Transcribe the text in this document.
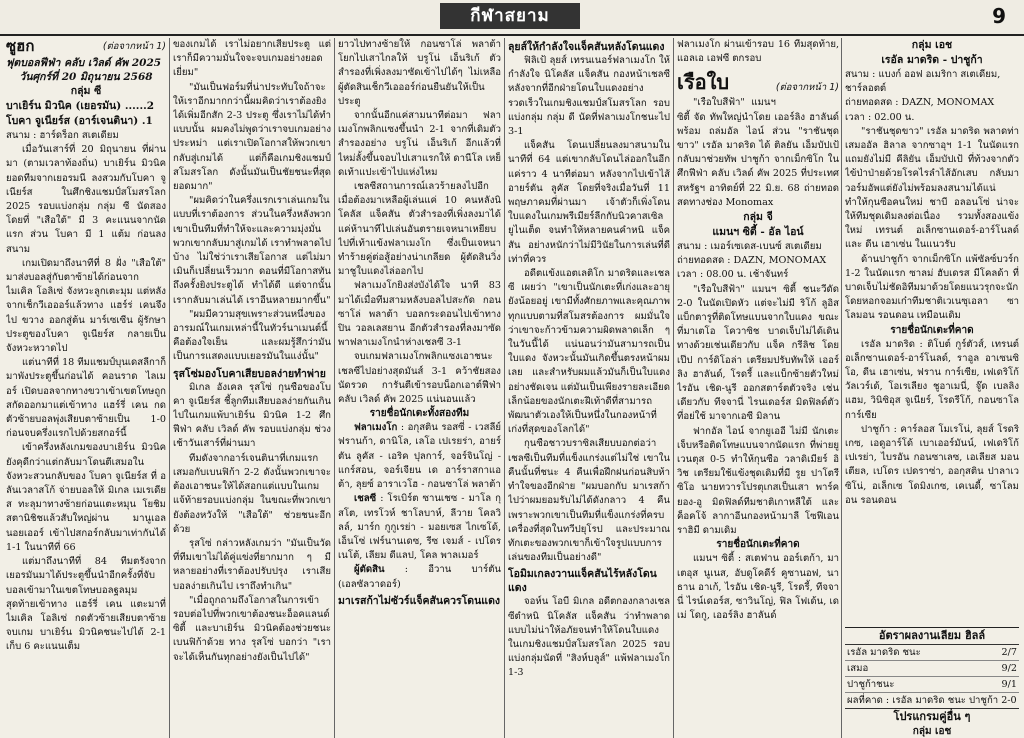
กีฬาสยาม	9
ซูฮก	(ต่อจากหน้า 1)
ฟุตบอลฟีฟ่า คลับ เวิลด์ คัพ 2025
วันศุกร์ที่ 20 มิถุนายน 2568
กลุ่ม ซี
บาเยิร์น มิวนิค (เยอรมัน) ......2
โบคา จูเนียร์ส (อาร์เจนตินา) .1
สนาม : ฮาร์ดร็อก สเตเดียม

เมื่อวันเสาร์ที่ 20 มิถุนายน ที่ผ่านมา (ตามเวลาท้องถิ่น) บาเยิร์น มิวนิค ยอดทีมจากเยอรมนี ลงสวมกับโบคา จูเนียร์ส ในศึกชิงแชมป์สโมสรโลก 2025 รอบแบ่งกลุ่ม กลุ่ม ซี นัดสอง โดยที่ "เสือใต้" มี 3 คะแนนจากนัดแรก ส่วน โบคา มี 1 แต้ม ก่อนลงสนาม

เกมเปิดมาถึงนาทีที่ 8 ฝั่ง "เสือใต้" มาส่งบอลสู่กับตาซ้ายได้ก่อนจาก ไมเคิล โอลิเซ่ จังหวะลูกเตะมุม แต่หลังจากเช็กวีเอออร์แล้วทาง แฮร์ร่ เคนจึงไป ขวาง ออกสู่ต้น มาร์เซเซีน ผู้รักษาประตูของโบคา จูเนียร์ส กลายเป็นจังหวะหวาดไป

แต่นาทีที่ 18 ทีมแชมป์บุนเดสลีกาก็มาพังประตูขึ้นก่อนได้ คอนราด ไลเมอร์ เปิดบอลจากทางขวาเข้าเขตโทษถูกสกัดออกมาแต่เข้าทาง แฮร์รี่ เคน กดตัวซ้ายบอลพุ่งเสียบตาซ้ายเป็น 1-0 ก่อนจบครึ่งแรกไปด้วยสกอร์นี้

เข้าครึ่งหลังเกมของบาเยิร์น มิวนิคยังคุดีกว่าแต่กลับมาโดนตีเสมอในจังหวะสวนกลับของ โบคา จูเนียร์ส ที่ อลันเวลาสโก้ จ่ายบอลให้ มิเกล เมเรเดียส ทะลุมาทางซ้ายก่อนแตะหมุน โยชิม สตานิชิชแล้วสับใหญ่ผ่าน มานูเอล นอยเออร์ เข้าไปสกอร์กลับมาเท่ากันได้ 1-1 ในนาทีที่ 66

แต่มาถึงนาทีที่ 84 ทีมตรังจากเยอรมันมาได้ประตูขึ้นนำอีกครั้งที่จับบอลเข้ามาในเขตโทษบอลฐลมุมสุดท้ายเข้าทาง แฮร์รี่ เคน แตะมาที่ ไมเคิล โอลิเซ่ กดตัวซ้ายเสียบตาซ้าย จบเกม บาเยิร์น มิวนิคชนะไปได้ 2-1 เก็บ 6 คะแนนเต็ม

ของเกมได้ เราไม่อยากเสียประตู แต่เราก็มีความมั่นใจจะจบเกมอย่างยอดเยี่ยม"

"มันเป็นฟอร์มที่น่าประทับใจถ้าจะให้เราอีกมากกว่านี้ผมคิดว่าเราต้องยิงได้เพิ่มอีกสัก 2-3 ประตู ซึ่งเราไม่ได้ทำแบบนั้น ผมคงไม่พูดว่าเราจบเกมอย่างประหม่า แต่เราเปิดโอกาสให้พวกเขากลับสู่เกมได้ แต่ก็คือเกมชิงแชมป์สโมสรโลก ดังนั้นมันเป็นชัยชนะที่สุดยอดมาก"

"ผมคิดว่าในครึ่งแรกเราเล่นเกมในแบบที่เราต้องการ ส่วนในครึ่งหลังพวกเขาเป็นทีมที่ทำให้จะและความมุ่งมั่นพวกเขากลับมาสู่เกมได้ เราทำพลาดไปบ้าง ไม่ใช่ว่าเราเสียโอกาส แต่ไม่มาเมินก็เปลี่ยนเร็วมาก ดอนที่มีโอกาสทันถึงครั้งยิงประตูได้ ทำได้ดี แต่จากนั้นเรากลับมาเล่นได้ เราอีนหลายมากขึ้น"

"ผมมีความสุขเพราะส่วนหนึ่งของอารมณ์ในเกมเหล่านี้ในทัวร์นาเมนต์นี้คือต้องใจเย็น และผมรู้สึกว่ามันเป็นการแสดงแบบเยอรมันในแง่นั้น"

รุสโซ่มองโบคาเสียบอลง่ายทำพ่าย

มิเกล อังเคล รุสโซ่ กุนซือของโบคา จูเนียร์ส ชี้ลูกทีมเสียบอลง่ายกันเกินไปในเกมแพ้บาเยิร์น มิวนิค 1-2 ศึกฟีฟ่า คลับ เวิลด์ คัพ รอบแบ่งกลุ่ม ช่วงเช้าวันเสาร์ที่ผ่านมา

ทีมดังจากอาร์เจนตินาที่เกมแรกเสมอกับเบนฟิก้า 2-2 ดังนั้นพวกเขาจะต้องเอาชนะให้ได้สอกแต่แบบในเกมแจ้ท้ายรอบแบ่งกลุ่ม ในขณะที่พวกเขายังต้องหวังให้ "เสือใต้" ช่วยชนะอีกด้วย

รุสโซ่ กล่าวหลังเกมว่า "มันเป็นวัดที่ทีมเขาไม่ได้คู่แข่งที่ยากมาก ๆ มีหลายอย่างที่เราต้องปรับปรุง เราเสียบอลง่ายเกินไป เราถึงทำเกิน"

"เมื่อถูกถามถึงโอกาสในการเข้ารอบต่อไปที่พวกเขาต้องชนะอ็อคแลนด์ ซิตี้ และบาเยิร์น มิวนิคต้องช่วยชนะเบนฟิก้าด้วย ทาง รุสโซ่ บอกว่า "เราจะได้เห็นกันทุกอย่างยังเป็นไปได้"

ยาวไปทางซ้ายให้ กอนซาโล่ พลาต้า โยกไปเสาไกลให้ บรูโน่ เอ็นริเก้ ตัวสำรองที่เพิ่งลงมาซัดเข้าไปได้ๆ ไม่เหลือ ผู้ตัดสินเช็กวีเอออร์ก่อนยืนยันให้เป็นประตู

จากนั้นอีกแค่สามนาทีต่อมา ฟลาเมงโกพลิกแซงขึ้นนำ 2-1 จากที่เดิมตัวสำรองอย่าง บรูโน่ เอ็นริเก้ อีกแล้วที่ไหม่ลั้งขึ้นจอบไปเสาแรกให้ ดานีโล เหย็ดเท้าแปะเข้าไปแห่งไหม

เชลซีสถานการณ์เลวร้ายลงไปอีกเมื่อต้องมาเหลือผู้เล่นแค่ 10 คนหลังนิโคลัส แจ็คสัน ตัวสำรองที่เพิ่งลงมาได้แค่ห้านาทีไปเล่นอันตรายเจหนาเหยียบไปที่เท้าแข้งฟลาเมงโก ซึ่งเป็นเจหนาทำร้ายคู่ต่อสู้อย่างน่าเกลียด ผู้ตัดสินวิ่งมาชูใบแดงไล่ออกไป

ฟลาเมงโกยิงส่งบังได้ใจ นาที 83 มาได้เมื่อทีมสามหลังบอลไปสะกัด กอนซาโล่ พลาต้า บอลกระดอนไปเข้าทางปิน วอลเลสยาน อีกตัวสำรองที่ลงมาซัดพาฟลาเมงโกนำห่างเชลซี 3-1

จบเกมฟลาเมงโกพลิกแซงเอาชนะเชลซีไปอย่างสุดมันส์ 3-1 คว้าชัยสองนัดรวด การันตีเข้ารอบน็อกเอาต์ฟีฟ่า คลับ เวิลด์ คัพ 2025 แน่นอนแล้ว

รายชื่อนักเตะทั้งสองทีม

ฟลาเมงโก : อกุสติน รอสซี่ - เวสลีย์ ฟรานก้า, ดานิโล, เลโอ เปเรยร่า, อายร์ตัน ลูคัส - เอริค ปุลการ์, จอร์จินโญ่ - แกร์สอน, จอร์เจียน เด อาร์ราสกาแอต้า, ลุยซ์ อาราเวโฮ - กอนซาโล่ พลาต้า

เชลซี : โรเบิร์ต ซานเชซ - มาโล กุสโต, เทรโวห์ ชาโลบาห์, ลีวาย โคลวิลล์, มาร์ก กูกูเรย่า - มอยเซส ไกเซโด้, เอ็นโซ่ เฟร์นานเดซ, รีซ เจมส์ - เปโดร เนโต้, เลียม ดีแลป, โคล พาลเมอร์

ผู้ตัดสิน : อีวาน บาร์ตัน (เอลซัลวาดอร์)

มาเรสก้าไม่ซัวร์แจ็คสันควรโดนแดง
ลุยส์ให้กำลังใจแจ็คสันหลังโดนแดง

ฟิลิเป้ ลุยส์ เทรนเนอร์ฟลาเมงโก ให้กำลังใจ นิโคลัส แจ็คสัน กองหน้าเชลซีหลังจากที่อีกฝ่ายโดนใบแดงอย่างรวดเร็วในเกมชิงแชมป์สโมสรโลก รอบแบ่งกลุ่ม กลุ่ม ดี นัดที่ฟลาเมงโกชนะไป 3-1

แจ็คสัน โดนเปลี่ยนลงมาสนามในนาทีที่ 64 แต่เขากลับโดนไล่ออกในอีกแค่ราว 4 นาทีต่อมา หลังจากไปเข้าไส้ อายร์ตัน ลูคัส โดยที่จริงเมื่อวันที่ 11 พฤษภาคมที่ผ่านมา เจ้าตัวก็เพิ่งโดนใบแดงในเกมพรีเมียร์ลีกกับนิวคาสเซิล ยูไนเต็ด จนทำให้หลายคนคำหนิ แจ็คสัน อย่างหนักว่าไม่มีวินัยในการเล่นที่ดีเท่าที่ควร

อดีตแข้งแอตเลติโก มาดริดและเชลซี เผยว่า "เขาเป็นนักเตะที่เก่งและอายุยังน้อยอยู่ เขามีทั้งศักยภาพและคุณภาพทุกแบบตามที่สโมสรต้องการ ผมมั่นใจว่าเขาจะก้าวข้ามความผิดพลาดเล็ก ๆ ในวันนี้ได้ แน่นอนว่ามันสามารถเป็นใบแดง จังหวะนั้นมันเกิดขึ้นตรงหน้าผมเลย และสำหรับผมแล้วมันก็เป็นใบแดงอย่างชัดเจน แต่มันเป็นเพียงรายละเอียดเล็กน้อยของนักเตะฝีเท้าดีที่สามารถพัฒนาตัวเองให้เป็นหนึ่งในกองหน้าที่เก่งที่สุดของโลกได้"

กุนซือชาวบราซิลเสียบบอกต่อว่าเชลซีเป็นทีมที่แข็งแกร่งแต่ไม่ใช่ เขาในคืนนั้นที่ชนะ 4 คืนเพื่อฝึกฝนก่อนสิบห้าทำใจของอีกฝ่าย "ผมบอกกับ มาเรสก้า ไปว่าผมยอมรับไม่ได้ดังกลาว 4 คืน เพราะพวกเขาเป็นทีมที่แข็งแกร่งที่ครบเครื่องที่สุดในทวีปยุโรป และประมาณทักเตะของพวกเขาก็เข้าใจรูปแบบการเล่นของทีมเป็นอย่างดี"

โอมิมเกลงวานแจ็คสันไร้หลังโดนแดง

จอห์น โอบี มิเกล อดีตกองกลางเชลซีตำหนิ นิโคลัส แจ็คสัน ว่าทำพลาดแบบไม่น่าให้อภัยจนทำให้โดนใบแดงในเกมชิงแชมป์สโมสรโลก 2025 รอบแบ่งกลุ่มนัดที่ "สิงห์บลูส์" แพ้ฟลาเมงโก 1-3

ฟลาเมงโก ผ่านเข้ารอบ 16 ทีมสุดท้าย, แอลเอ เอฟซี ตกรอบ

เรือใบ	(ต่อจากหน้า 1)

"เรือใบสีฟ้า" แมนฯ ซิตี้ จัด ทัพใหญ่นำโดย เออร์ลิง ฮาลันด์ พร้อม ถล่มอัล ไอน์ ส่วน "ราชันชุดขาว" เรอัล มาดริด ได้ ติลยัน เอ็มบัปเป้ กลับมาช่วยทัพ ปาชูก้า จากเม็กซิโก ในศึกฟีฟ่า คลับ เวิลด์ คัพ 2025 ที่ประเทศสหรัฐฯ อาทิตย์ที่ 22 มิ.ย. 68 ถ่ายทอดสดทางช่อง Monomax

กลุ่ม จี
แมนฯ ซิตี้ - อัล ไอน์
สนาม : เมอร์เซเดส-เบนซ์ สเตเดียม
ถ่ายทอดสด : DAZN, MONOMAX
เวลา : 08.00 น. เช้าจันทร์

"เรือใบสีฟ้า" แมนฯ ซิตี้ ชนะวีดัด 2-0 ในนัดเปิดหัว แต่จะไม่มี ริโก้ ลูอิส แบ็กตารูที่ติดโทษแบนจากใบแดง ขณะที่มาเตโอ โควาซิช บาดเจ็บไม่ได้เดินทางด้วยเช่นเดียวกับ แจ็ค กรีลิช โดย เป๊ป การ์ดิโอล่า เตรียมปรับทัพให้ เออร์ลิง ฮาลันด์, โรดรี้ และแบ็กซ้ายตัวใหม่ ไรอัน เชิด-นูรี ออกสตาร์ตตัวจริง เช่นเดียวกับ ทีจจานี่ ไรนเดอร์ส มิดฟิลด์ตัวที่อย่ใช้ มาจากเอซี มิลาน

ฟากอัล ไอน์ จากยูเออี ไม่มี นักเตะเจ็บหรือติดโทษแบนจากนัดแรก ที่พ่ายยูเวนตุส 0-5 ทำให้กุนซือ วลาดิเมียร์ อิวิช เตรียมใช้แข้งชุดเดิมที่มี รูย ปาโตรีซิโอ นายทวารโปรตุเกสเป็นเสา พาร์ค ยอง-อู มิดฟิลด์ทีมชาติเกาหลีใต้ และ ค็อคโจ้ ลากาอีนกองหน้ามาลี โซฟีเอน ราฮิมี ดามเดิม

รายชื่อนักเตะที่คาด

แมนฯ ซิตี้ : สเตฟาน ออร์เตก้า, มาเตอุส นูเนส, อับดูโคดีร์ คูซานอฟ, นาธาน อาเก้, ไรอัน เชิด-นูรี, โรดรี้, ทีจจานี่ ไรน์เดอร์ส, ซาวินโญ่, ฟิล โฟเด้น, เดเม่ โดกู, เออร์ลิง ฮาลันด์

กลุ่ม เอช
เรอัล มาดริด - ปาชูก้า
สนาม : แบงก์ ออฟ อเมริกา สเตเดียม, ชาร์ลอตต์
ถ่ายทอดสด : DAZN, MONOMAX
เวลา : 02.00 น.

"ราชันชุดขาว" เรอัล มาดริด พลาดท่าเสมออัล ฮิลาล จากซาอุฯ 1-1 ในนัดแรก แถมยังไม่มี คีลิยัน เอ็มบัปเป้ ที่ท้วงจากตัวไข้ป่าป่ายด้วยโรคไรลำไส้อักเสบ กลับมาวอร์มอัพแต่ยังไม่พร้อมลงสนามได้แน่ ทำให้กุนซือคนใหม่ ชาบี อลอนโซ่ น่าจะให้ทีมชุดเดิมลงต่อเนื่อง รวมทั้งสองแข้งใหม่ เทรนต์ อเล็กซานเดอร์-อาร์โนลด์ และ ดีน เฮาเซ่น ในแนวรับ

ด้านปาชูก้า จากเม็กซิโก แพ้ซัลซ์บวร์ก 1-2 ในนัดแรก ซาลม่ ฮับเดรส มีโคลด้า ที่บาดเจ็บไม่ชัดอิทีมมาด้วยโดยแนวรุกจะนักโดยหอกจอมเก๋าทีมชาติเวเนซุเอลา ซาโลมอน รอนดอน เหมือนเดิม

รายชื่อนักเตะที่คาด

เรอัล มาดริด : ติโบต์ กูร์ตัวส์, เทรนต์ อเล็กซานเดอร์-อาร์โนลด์, ราอูล อาเซนซิโอ, ดีน เฮาเซ่น, ฟราน การ์เซีย, เฟเดริโก้ วัลเวร์เด้, โอเรเลียง ชูอาเมนี่, จู๊ด เบลลิงแฮม, วินิซิอุส จูเนียร์, โรดรีโก้, กอนซาโล การ์เซีย

ปาชูก้า : คาร์ลอส โมเรโน่, ลุยส์ โรดริเกซ, เอดูอาร์โด้ เบาเออร์มันน์, เฟเดริโก้ เปเรย่า, ไบรอัน กอนซาเลซ, เอเลียส มอนเตียล, เปโดร เปดราซ่า, ออกุสติน ปาลาเวซิโน่, อเล็กเซ โดมิงเกซ, เคเนดี้, ซาโลมอน รอนดอน

อัตราผลงานเลียม ฮิลล์
เรอัล มาดริด ชนะ	2/7
เสมอ	9/2
ปาชูก้าชนะ	9/1
ผลที่คาด : เรอัล มาดริด ชนะ ปาชูก้า 2-0
โปรแกรมคู่อื่น ๆ
กลุ่ม เอช
